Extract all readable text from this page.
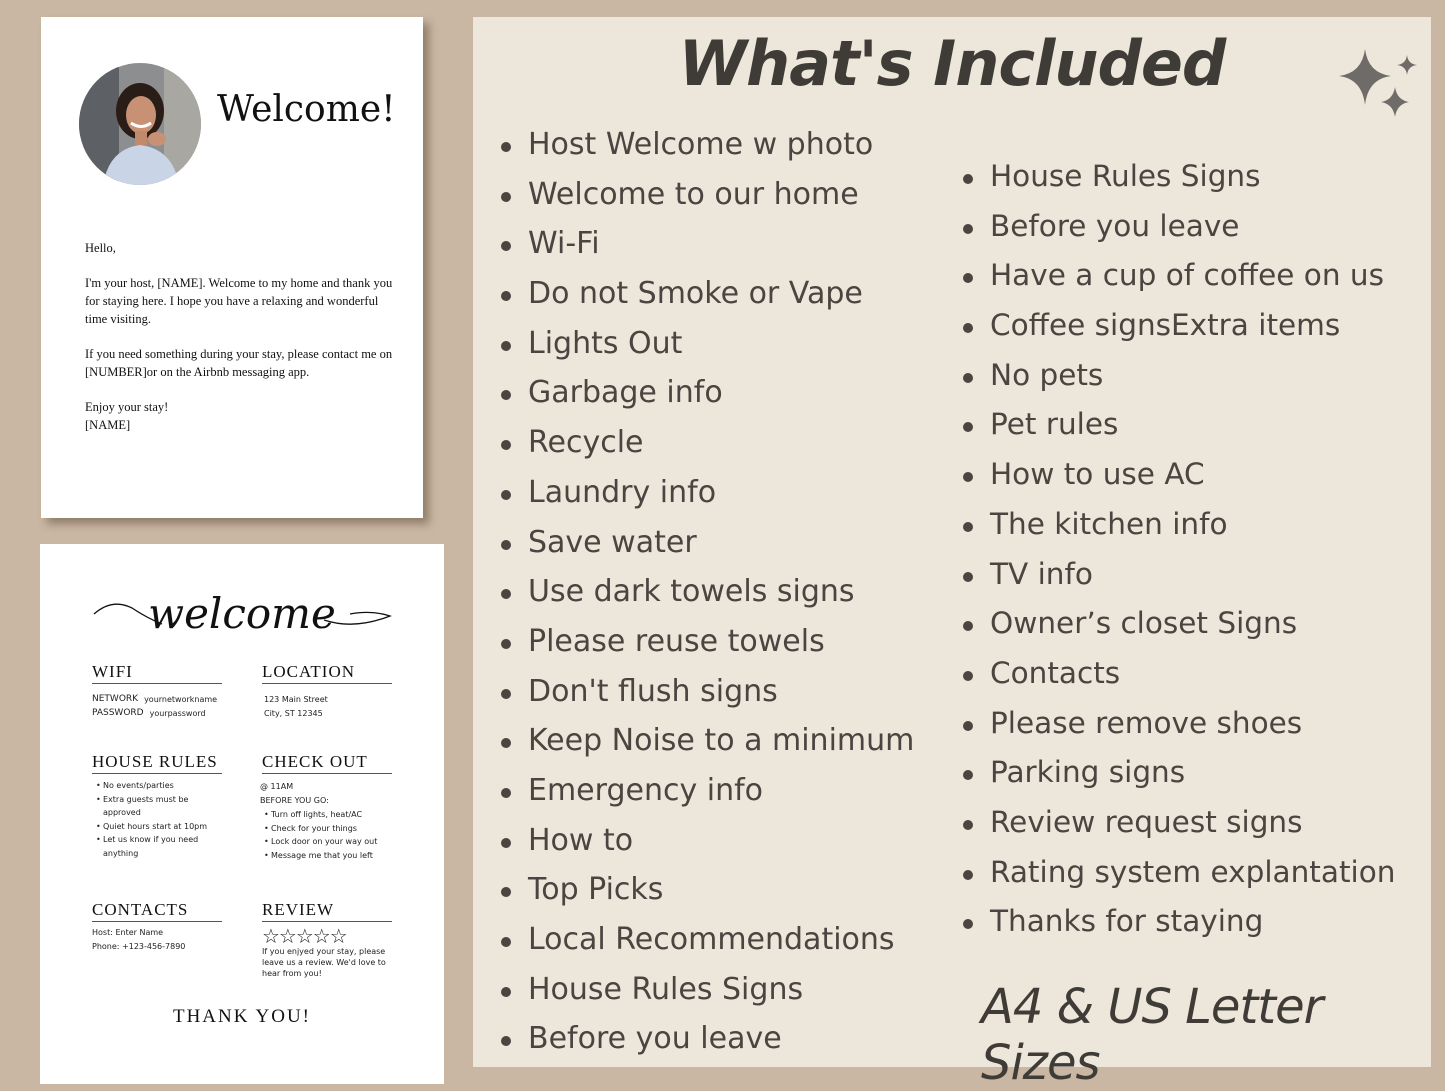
Welcome!

Hello,

I'm your host, [NAME]. Welcome to my home and thank you for staying here. I hope you have a relaxing and wonderful time visiting.

If you need something during your stay, please contact me on [NUMBER]or on the Airbnb messaging app.

Enjoy your stay!
[NAME]
welcome
WIFI
NETWORK yournetworkname
PASSWORD yourpassword
LOCATION
123 Main Street
City, ST 12345
HOUSE RULES
• No events/parties
• Extra guests must be approved
• Quiet hours start at 10pm
• Let us know if you need anything
CHECK OUT
@ 11AM
BEFORE YOU GO:
• Turn off lights, heat/AC
• Check for your things
• Lock door on your way out
• Message me that you left
CONTACTS
Host: Enter Name
Phone: +123-456-7890
REVIEW
☆☆☆☆☆
If you enjyed your stay, please leave us a review. We'd love to hear from you!
THANK YOU!
What's Included
Host Welcome w photo
Welcome to our home
Wi-Fi
Do not Smoke or Vape
Lights Out
Garbage info
Recycle
Laundry info
Save water
Use dark towels signs
Please reuse towels
Don't flush signs
Keep Noise to a minimum
Emergency info
How to
Top Picks
Local Recommendations
House Rules Signs
Before you leave
House Rules Signs
Before you leave
Have a cup of coffee on us
Coffee signsExtra items
No pets
Pet rules
How to use AC
The kitchen info
TV info
Owner’s closet Signs
Contacts
Please remove shoes
Parking signs
Review request signs
Rating system explantation
Thanks for staying
A4 & US Letter Sizes
